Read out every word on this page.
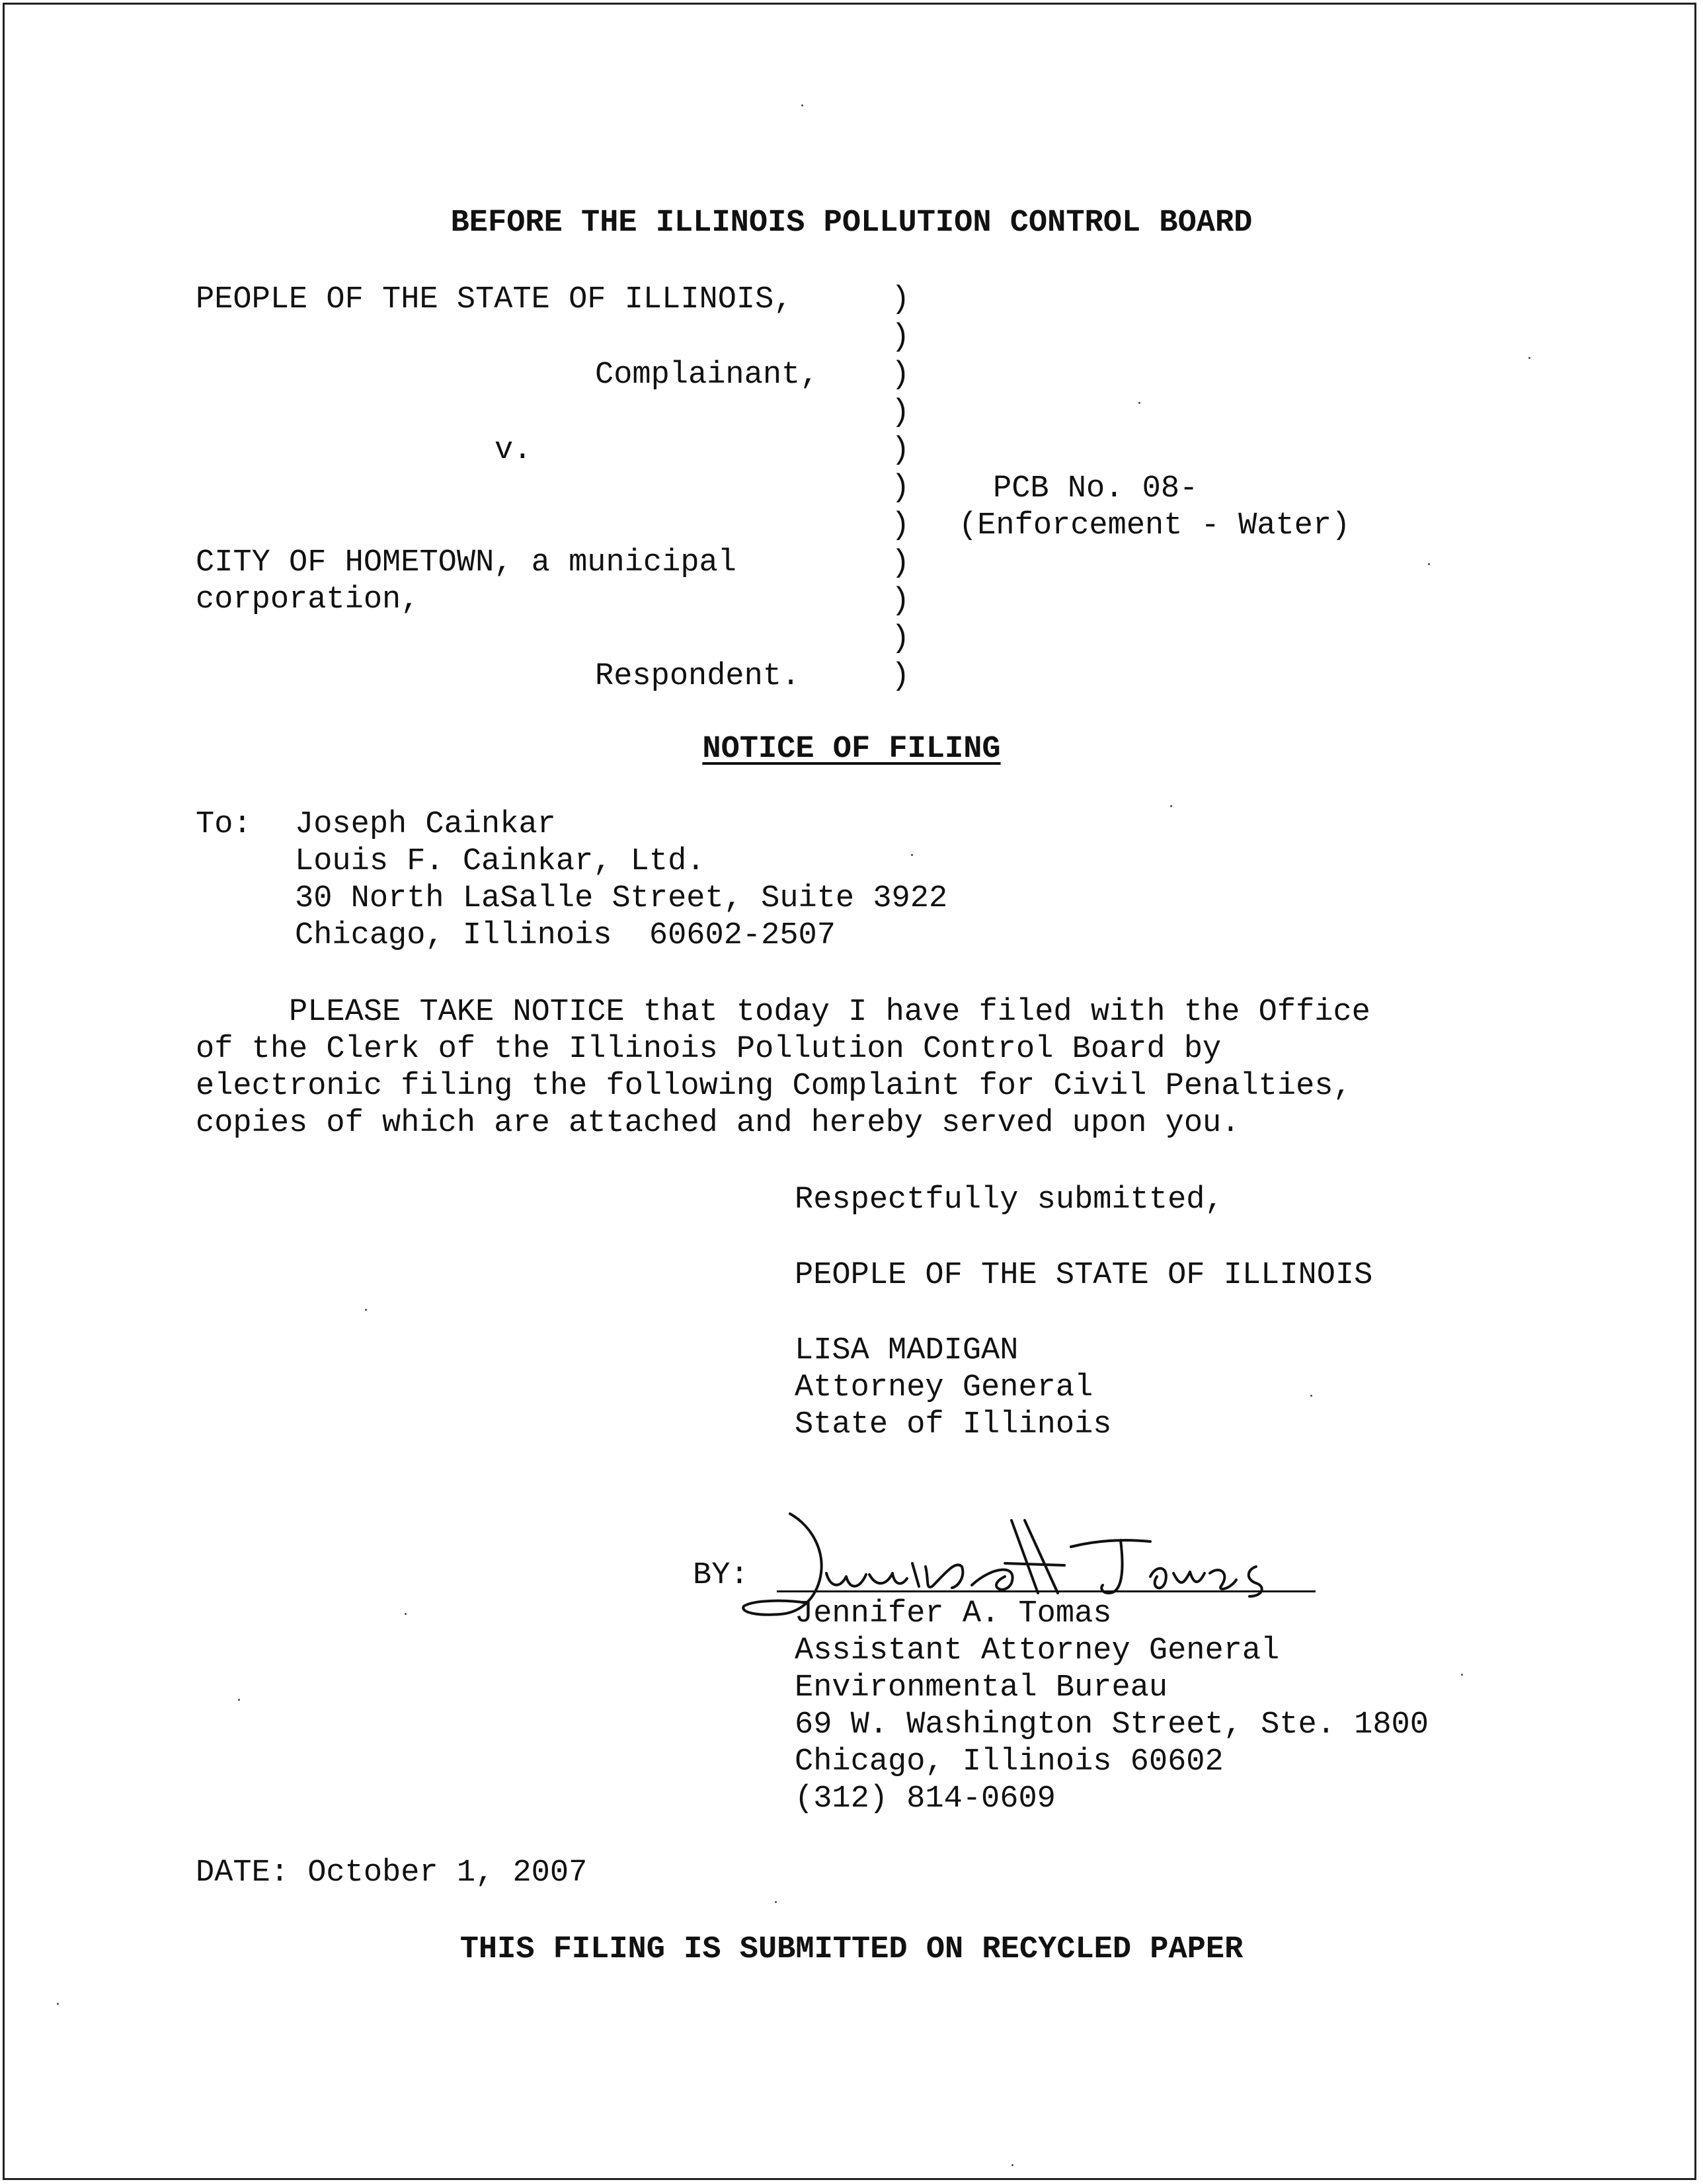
BEFORE THE ILLINOIS POLLUTION CONTROL BOARD
PEOPLE OF THE STATE OF ILLINOIS,
Complainant,
v.
CITY OF HOMETOWN, a municipal
corporation,
Respondent.
)
)
)
)
)
)
)
)
)
)
)
PCB No. 08-
(Enforcement - Water)
NOTICE OF FILING
To: Joseph Cainkar
Louis F. Cainkar, Ltd.
30 North LaSalle Street, Suite 3922
Chicago, Illinois  60602-2507
PLEASE TAKE NOTICE that today I have filed with the Office
of the Clerk of the Illinois Pollution Control Board by
electronic filing the following Complaint for Civil Penalties,
copies of which are attached and hereby served upon you.
Respectfully submitted,
PEOPLE OF THE STATE OF ILLINOIS
LISA MADIGAN
Attorney General
State of Illinois
BY:
Jennifer A Tomas
Jennifer A. Tomas
Assistant Attorney General
Environmental Bureau
69 W. Washington Street, Ste. 1800
Chicago, Illinois 60602
(312) 814-0609
DATE: October 1, 2007
THIS FILING IS SUBMITTED ON RECYCLED PAPER
